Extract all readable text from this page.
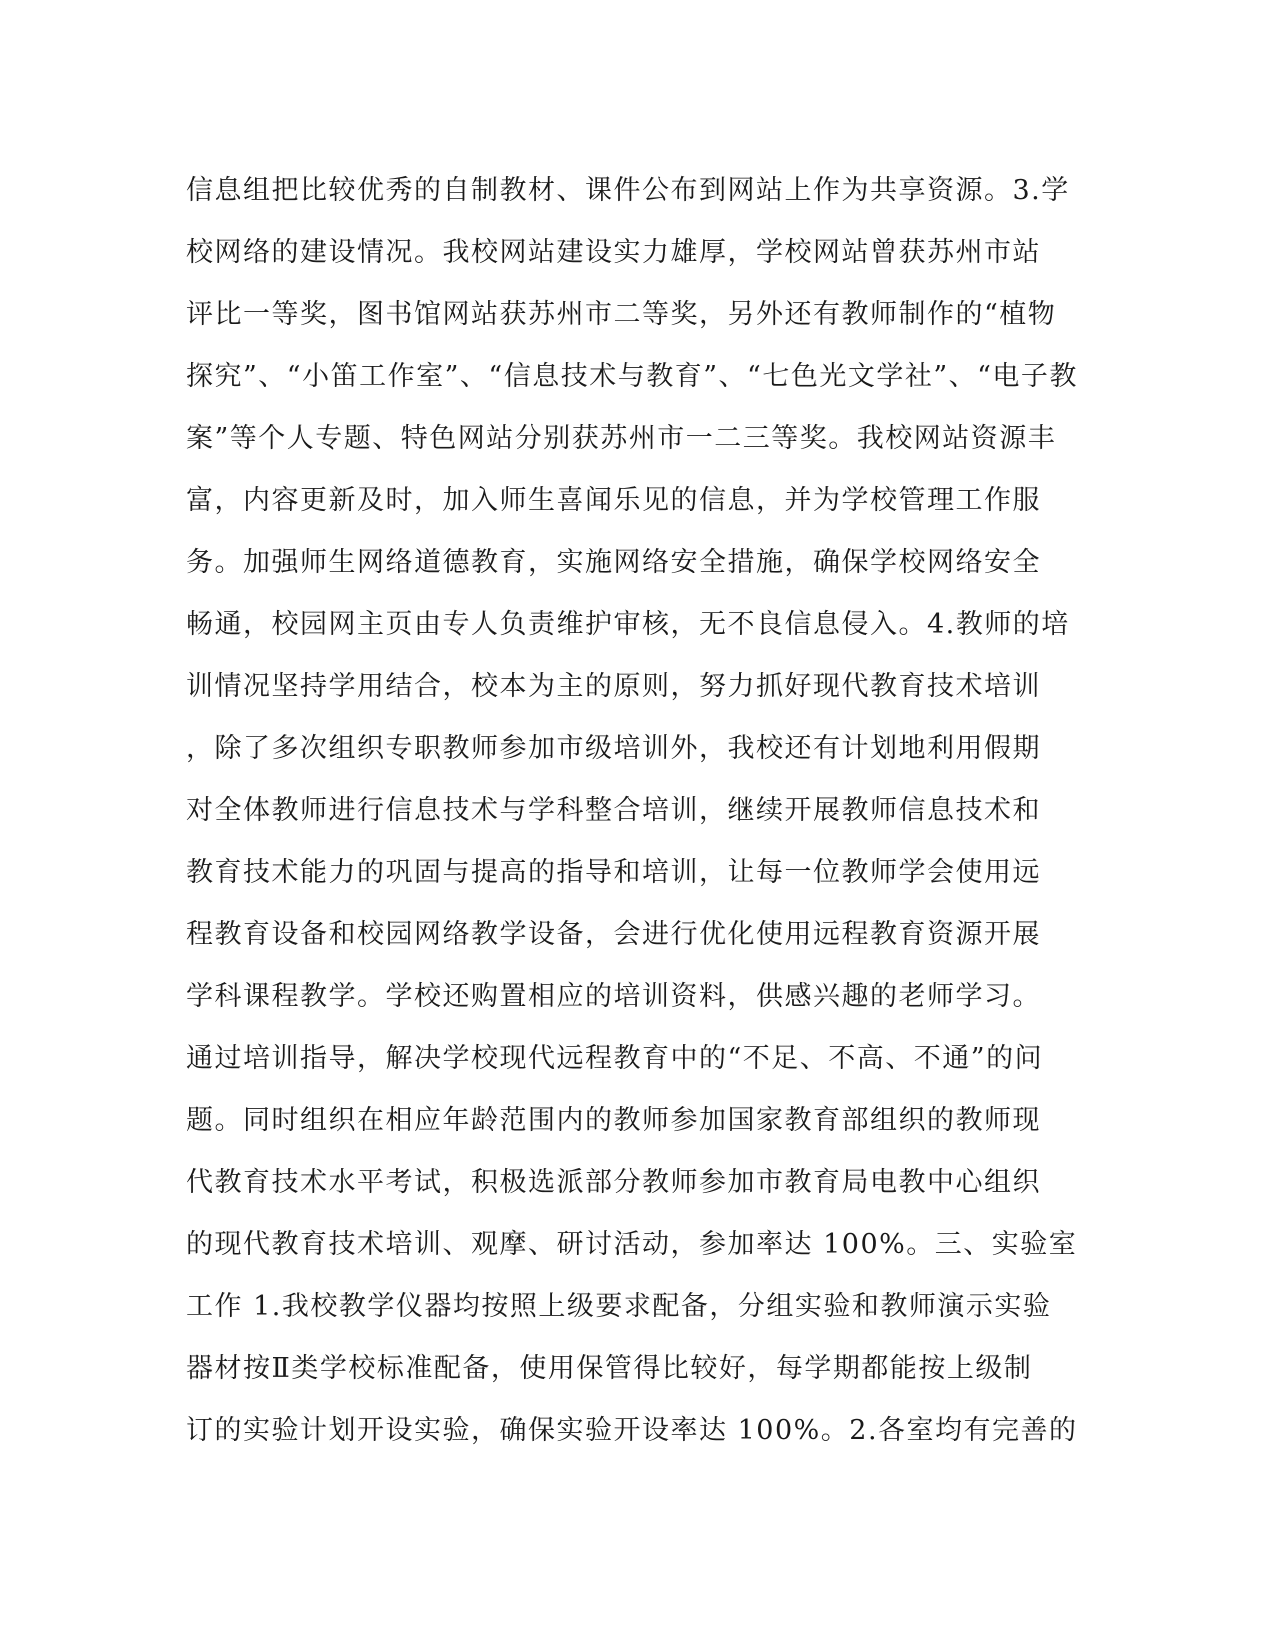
信息组把比较优秀的自制教材、课件公布到网站上作为共享资源。3.学
校网络的建设情况。我校网站建设实力雄厚，学校网站曾获苏州市站
评比一等奖，图书馆网站获苏州市二等奖，另外还有教师制作的“植物
探究”、“小笛工作室”、“信息技术与教育”、“七色光文学社”、“电子教
案”等个人专题、特色网站分别获苏州市一二三等奖。我校网站资源丰
富，内容更新及时，加入师生喜闻乐见的信息，并为学校管理工作服
务。加强师生网络道德教育，实施网络安全措施，确保学校网络安全
畅通，校园网主页由专人负责维护审核，无不良信息侵入。4.教师的培
训情况坚持学用结合，校本为主的原则，努力抓好现代教育技术培训
，除了多次组织专职教师参加市级培训外，我校还有计划地利用假期
对全体教师进行信息技术与学科整合培训，继续开展教师信息技术和
教育技术能力的巩固与提高的指导和培训，让每一位教师学会使用远
程教育设备和校园网络教学设备，会进行优化使用远程教育资源开展
学科课程教学。学校还购置相应的培训资料，供感兴趣的老师学习。
通过培训指导，解决学校现代远程教育中的“不足、不高、不通”的问
题。同时组织在相应年龄范围内的教师参加国家教育部组织的教师现
代教育技术水平考试，积极选派部分教师参加市教育局电教中心组织
的现代教育技术培训、观摩、研讨活动，参加率达 100%。三、实验室
工作 1.我校教学仪器均按照上级要求配备，分组实验和教师演示实验
器材按Ⅱ类学校标准配备，使用保管得比较好，每学期都能按上级制
订的实验计划开设实验，确保实验开设率达 100%。2.各室均有完善的
